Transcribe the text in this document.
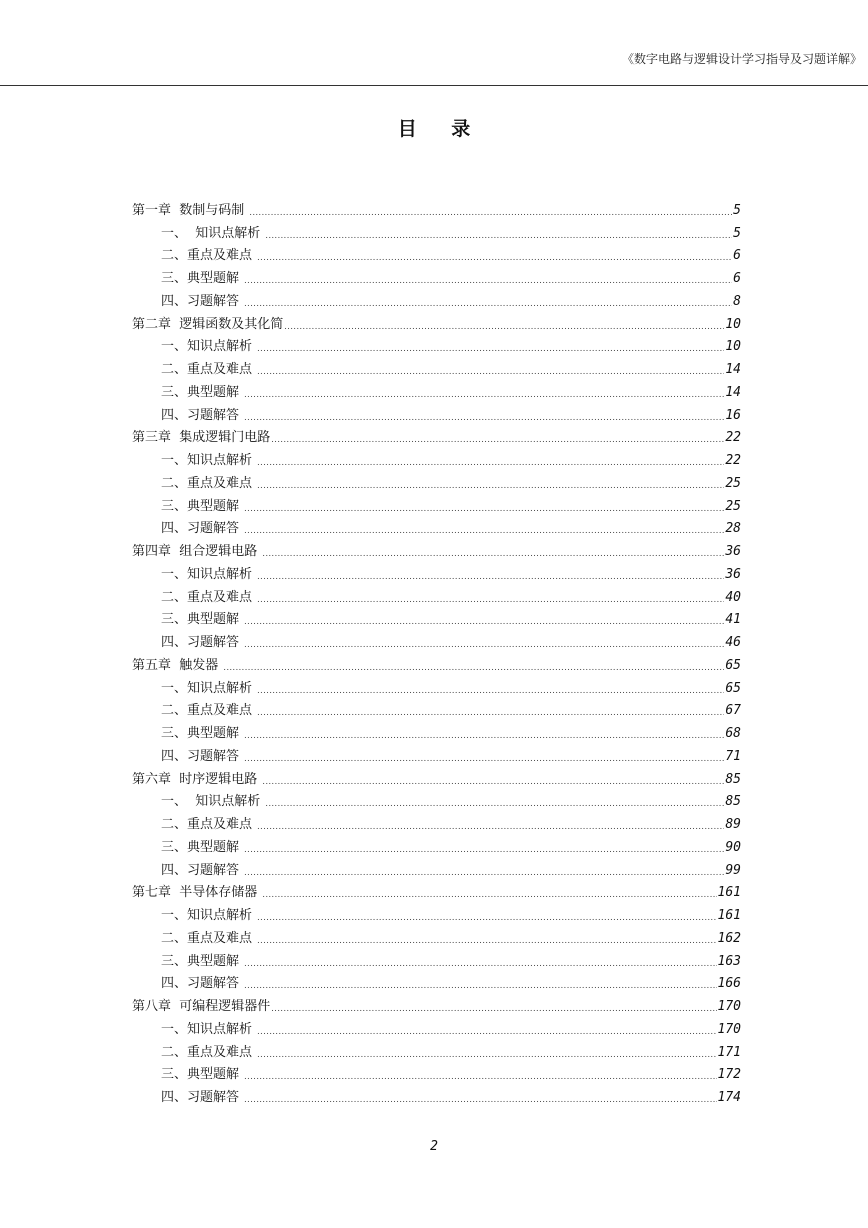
《数字电路与逻辑设计学习指导及习题详解》
目 录
第一章  数制与码制 .....	5
一、  知识点解析 .....	5
二、重点及难点 .....	6
三、典型题解 .....	6
四、习题解答 .....	8
第二章  逻辑函数及其化简 .....	10
一、知识点解析 .....	10
二、重点及难点 .....	14
三、典型题解 .....	14
四、习题解答 .....	16
第三章  集成逻辑门电路 .....	22
一、知识点解析 .....	22
二、重点及难点 .....	25
三、典型题解 .....	25
四、习题解答 .....	28
第四章  组合逻辑电路 .....	36
一、知识点解析 .....	36
二、重点及难点 .....	40
三、典型题解 .....	41
四、习题解答 .....	46
第五章  触发器 .....	65
一、知识点解析 .....	65
二、重点及难点 .....	67
三、典型题解 .....	68
四、习题解答 .....	71
第六章  时序逻辑电路 .....	85
一、  知识点解析 .....	85
二、重点及难点 .....	89
三、典型题解 .....	90
四、习题解答 .....	99
第七章  半导体存储器 .....	161
一、知识点解析 .....	161
二、重点及难点 .....	162
三、典型题解 .....	163
四、习题解答 .....	166
第八章  可编程逻辑器件 .....	170
一、知识点解析 .....	170
二、重点及难点 .....	171
三、典型题解 .....	172
四、习题解答 .....	174
2
